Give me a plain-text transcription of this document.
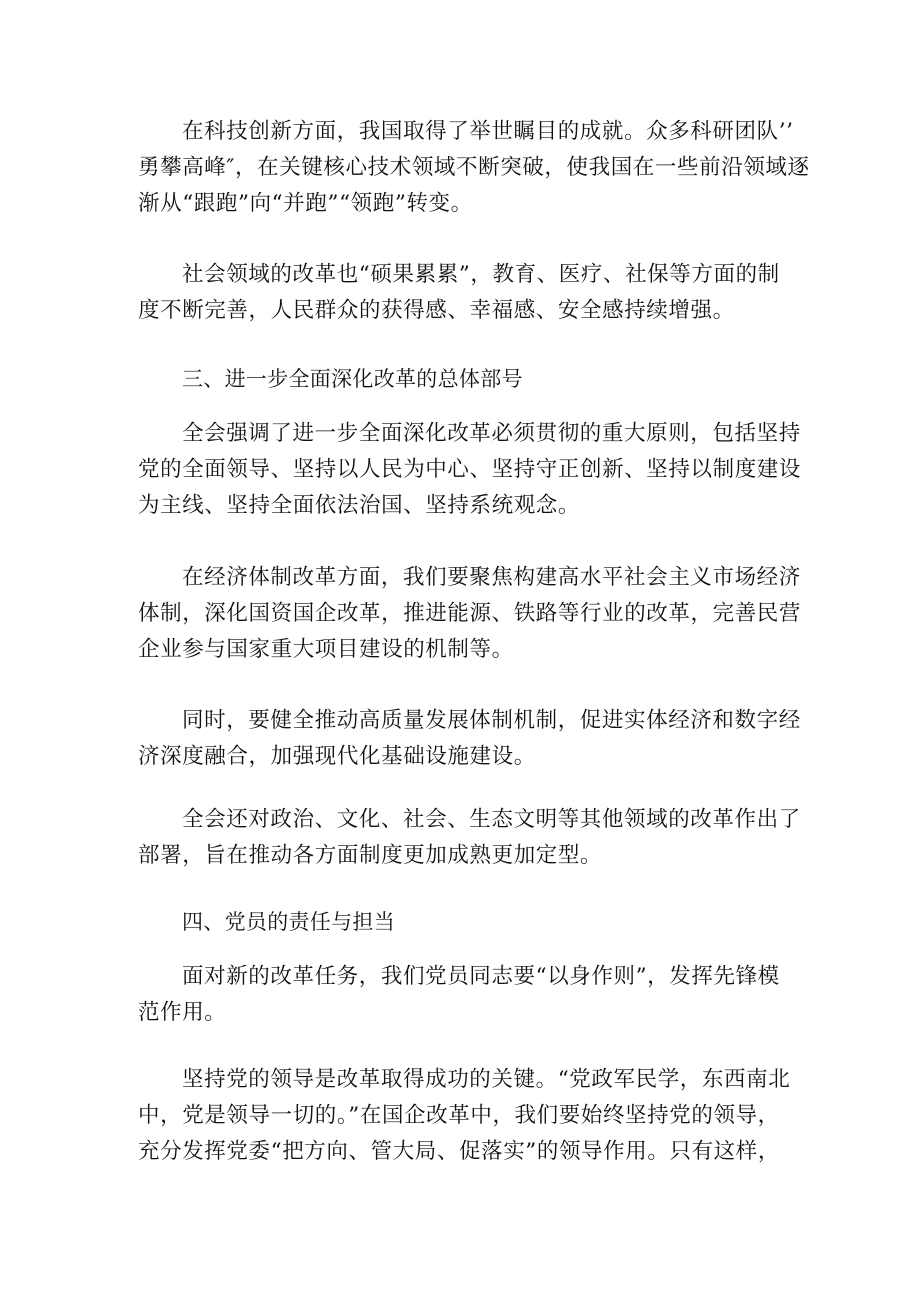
在科技创新方面，我国取得了举世瞩目的成就。众多科研团队’’
勇攀高峰″，在关键核心技术领域不断突破，使我国在一些前沿领域逐
渐从“跟跑”向“并跑”“领跑”转变。
社会领域的改革也“硕果累累”，教育、医疗、社保等方面的制
度不断完善，人民群众的获得感、幸福感、安全感持续增强。
三、进一步全面深化改革的总体部号
全会强调了进一步全面深化改革必须贯彻的重大原则，包括坚持
党的全面领导、坚持以人民为中心、坚持守正创新、坚持以制度建设
为主线、坚持全面依法治国、坚持系统观念。
在经济体制改革方面，我们要聚焦构建高水平社会主义市场经济
体制，深化国资国企改革，推进能源、铁路等行业的改革，完善民营
企业参与国家重大项目建设的机制等。
同时，要健全推动高质量发展体制机制，促进实体经济和数字经
济深度融合，加强现代化基础设施建设。
全会还对政治、文化、社会、生态文明等其他领域的改革作出了
部署，旨在推动各方面制度更加成熟更加定型。
四、党员的责任与担当
面对新的改革任务，我们党员同志要“以身作则”，发挥先锋模
范作用。
坚持党的领导是改革取得成功的关键。“党政军民学，东西南北
中，党是领导一切的。”在国企改革中，我们要始终坚持党的领导，
充分发挥党委“把方向、管大局、促落实”的领导作用。只有这样，
